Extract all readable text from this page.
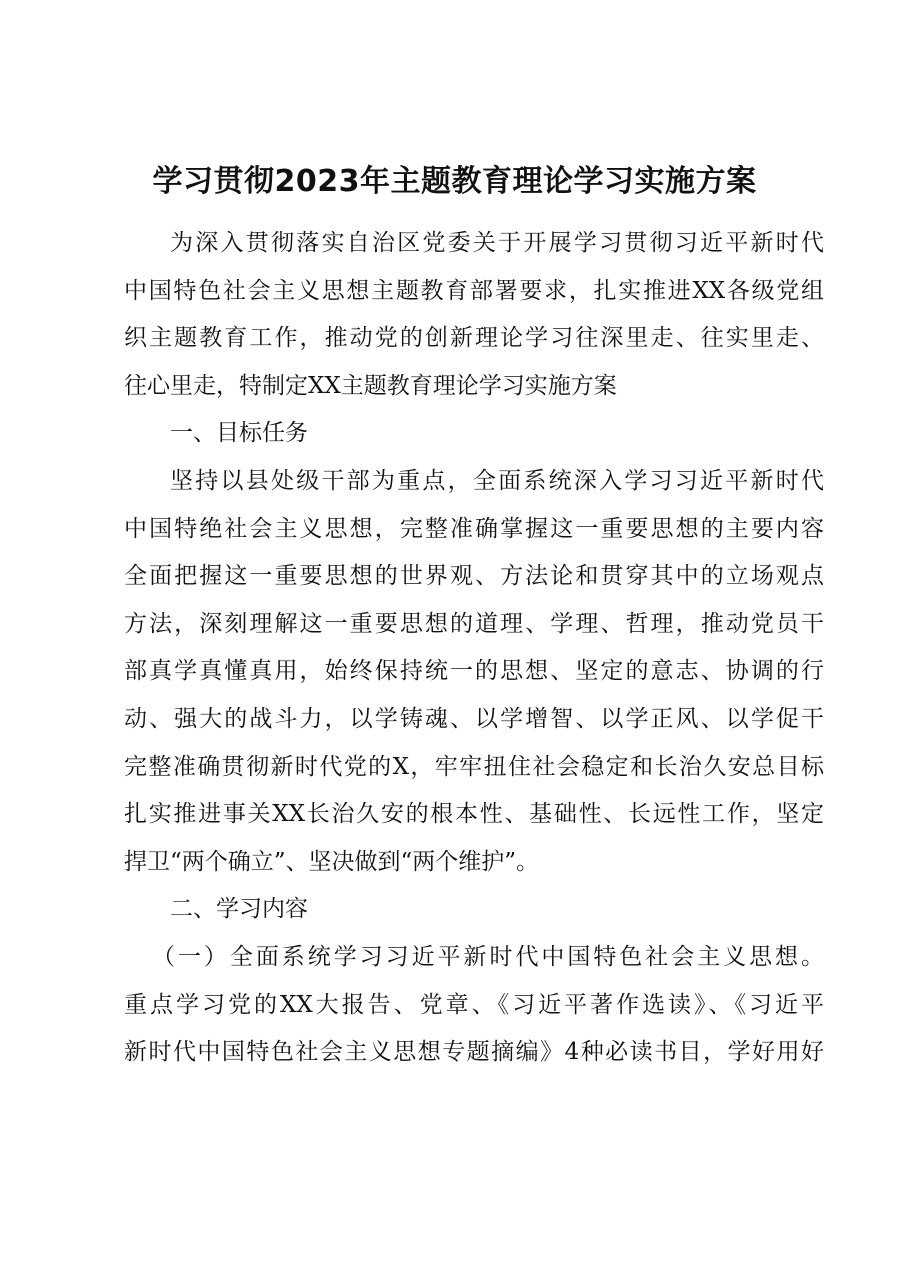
学习贯彻2023年主题教育理论学习实施方案
为深入贯彻落实自治区党委关于开展学习贯彻习近平新时代
中国特色社会主义思想主题教育部署要求，扎实推进XX各级党组
织主题教育工作，推动党的创新理论学习往深里走、往实里走、
往心里走，特制定XX主题教育理论学习实施方案
一、目标任务
坚持以县处级干部为重点，全面系统深入学习习近平新时代
中国特绝社会主义思想，完整准确掌握这一重要思想的主要内容
全面把握这一重要思想的世界观、方法论和贯穿其中的立场观点
方法，深刻理解这一重要思想的道理、学理、哲理，推动党员干
部真学真懂真用，始终保持统一的思想、坚定的意志、协调的行
动、强大的战斗力，以学铸魂、以学增智、以学正风、以学促干
完整准确贯彻新时代党的X，牢牢扭住社会稳定和长治久安总目标
扎实推进事关XX长治久安的根本性、基础性、长远性工作，坚定
捍卫“两个确立”、坚决做到“两个维护”。
二、学习内容
（一）全面系统学习习近平新时代中国特色社会主义思想。
重点学习党的XX大报告、党章、《习近平著作选读》、《习近平
新时代中国特色社会主义思想专题摘编》4种必读书目，学好用好
